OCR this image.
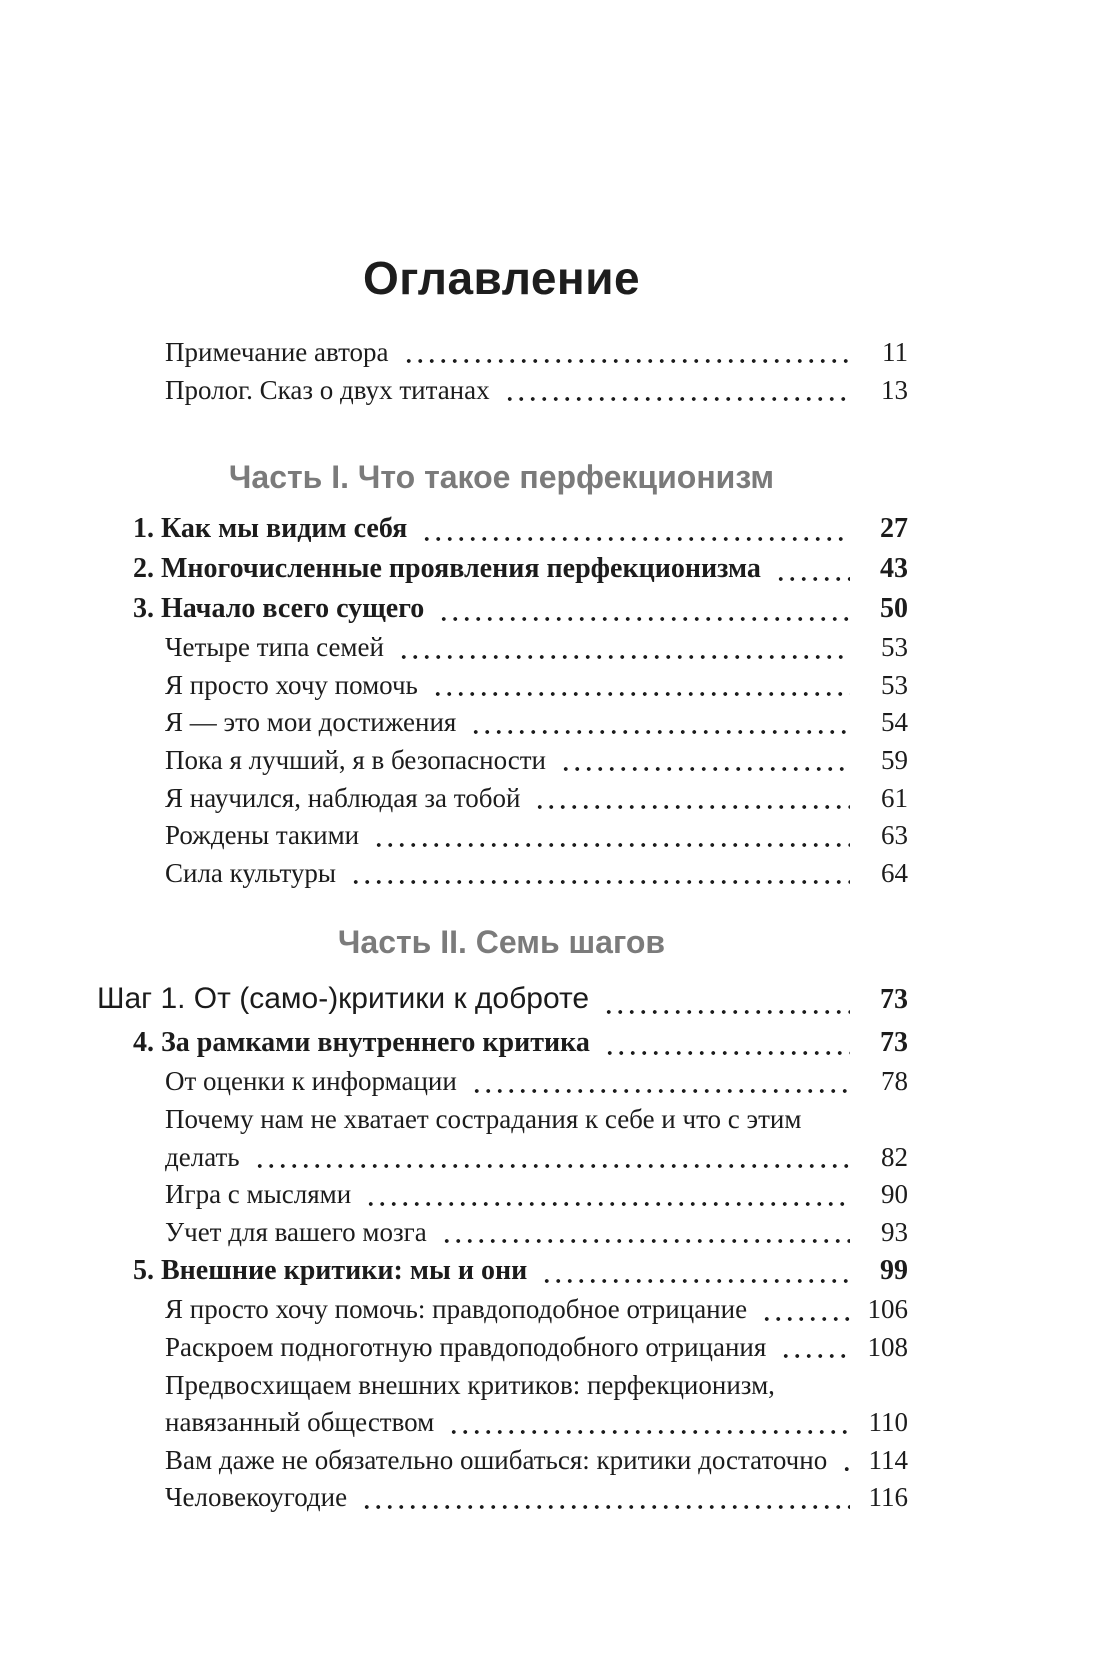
Оглавление
Примечание автора	11
Пролог. Сказ о двух титанах	13
Часть I. Что такое перфекционизм
1. Как мы видим себя	27
2. Многочисленные проявления перфекционизма	43
3. Начало всего сущего	50
Четыре типа семей	53
Я просто хочу помочь	53
Я — это мои достижения	54
Пока я лучший, я в безопасности	59
Я научился, наблюдая за тобой	61
Рождены такими	63
Сила культуры	64
Часть II. Семь шагов
Шаг 1. От (само-)критики к доброте	73
4. За рамками внутреннего критика	73
От оценки к информации	78
Почему нам не хватает сострадания к себе и что с этим
делать	82
Игра с мыслями	90
Учет для вашего мозга	93
5. Внешние критики: мы и они	99
Я просто хочу помочь: правдоподобное отрицание	106
Раскроем подноготную правдоподобного отрицания	108
Предвосхищаем внешних критиков: перфекционизм,
навязанный обществом	110
Вам даже не обязательно ошибаться: критики достаточно 114
Человекоугодие	116
